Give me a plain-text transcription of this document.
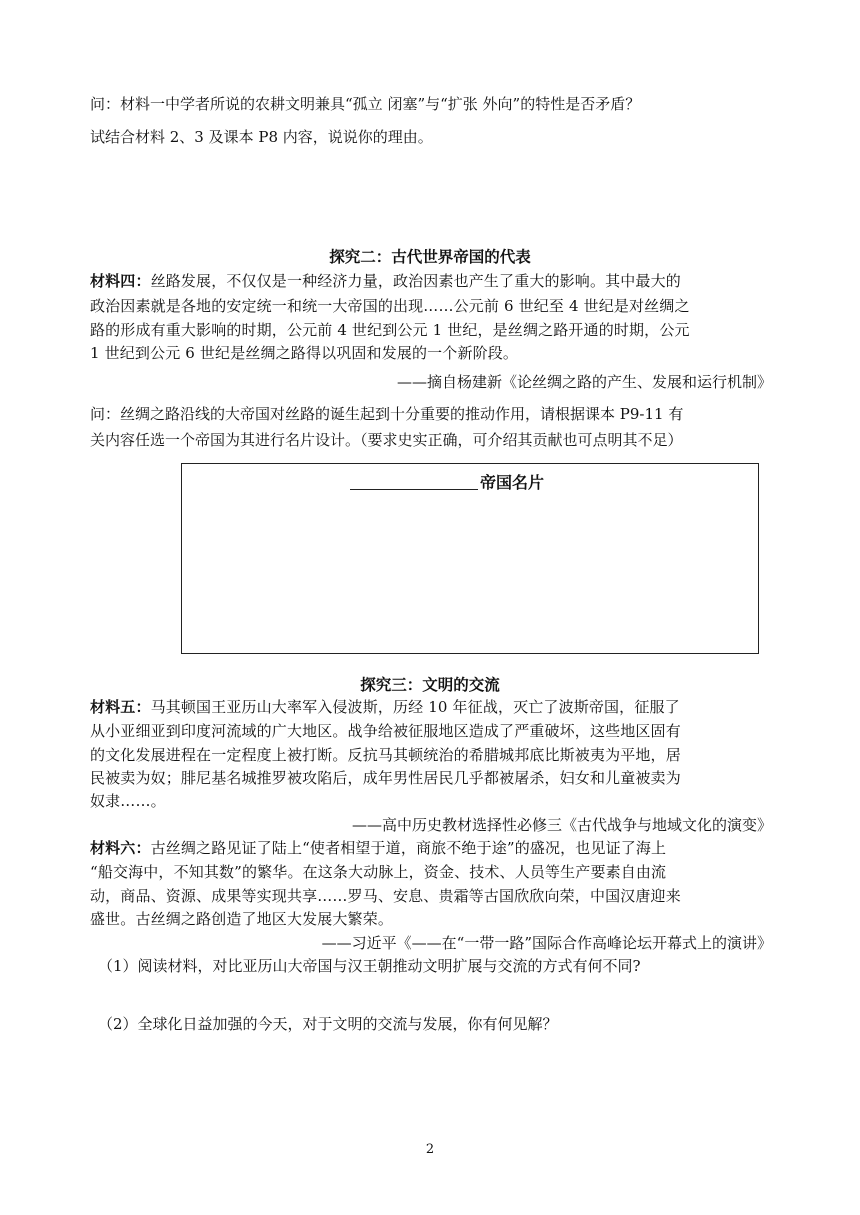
问：材料一中学者所说的农耕文明兼具“孤立 闭塞”与“扩张 外向”的特性是否矛盾？
试结合材料 2、3 及课本 P8 内容，说说你的理由。
探究二：古代世界帝国的代表
材料四：丝路发展，不仅仅是一种经济力量，政治因素也产生了重大的影响。其中最大的
政治因素就是各地的安定统一和统一大帝国的出现……公元前 6 世纪至 4 世纪是对丝绸之
路的形成有重大影响的时期，公元前 4 世纪到公元 1 世纪，是丝绸之路开通的时期，公元
1 世纪到公元 6 世纪是丝绸之路得以巩固和发展的一个新阶段。
——摘自杨建新《论丝绸之路的产生、发展和运行机制》
问：丝绸之路沿线的大帝国对丝路的诞生起到十分重要的推动作用，请根据课本 P9-11 有
关内容任选一个帝国为其进行名片设计。（要求史实正确，可介绍其贡献也可点明其不足）
帝国名片
探究三：文明的交流
材料五：马其顿国王亚历山大率军入侵波斯，历经 10 年征战，灭亡了波斯帝国，征服了
从小亚细亚到印度河流域的广大地区。战争给被征服地区造成了严重破坏，这些地区固有
的文化发展进程在一定程度上被打断。反抗马其顿统治的希腊城邦底比斯被夷为平地，居
民被卖为奴；腓尼基名城推罗被攻陷后，成年男性居民几乎都被屠杀，妇女和儿童被卖为
奴隶……。
——高中历史教材选择性必修三《古代战争与地域文化的演变》
材料六：古丝绸之路见证了陆上“使者相望于道，商旅不绝于途”的盛况，也见证了海上
“船交海中，不知其数”的繁华。在这条大动脉上，资金、技术、人员等生产要素自由流
动，商品、资源、成果等实现共享……罗马、安息、贵霜等古国欣欣向荣，中国汉唐迎来
盛世。古丝绸之路创造了地区大发展大繁荣。
——习近平《——在“一带一路”国际合作高峰论坛开幕式上的演讲》
（1）阅读材料，对比亚历山大帝国与汉王朝推动文明扩展与交流的方式有何不同?
（2）全球化日益加强的今天，对于文明的交流与发展，你有何见解？
2
